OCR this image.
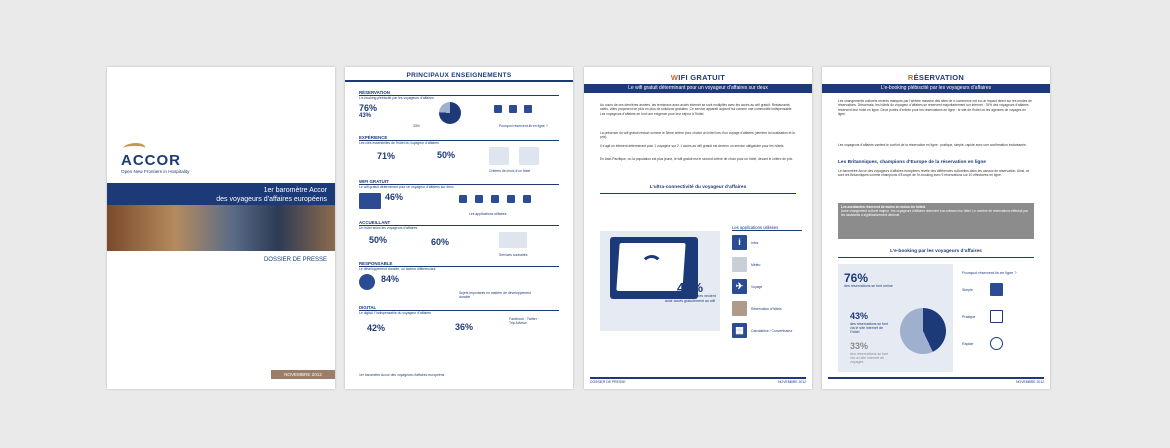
ACCOR
Open New Frontiers in Hospitality
1er baromètre Accor
des voyageurs d’affaires européens
DOSSIER DE PRESSE
NOVEMBRE 2012
PRINCIPAUX ENSEIGNEMENTS
RÉSERVATION
L’e-booking plébiscité par les voyageurs d’affaires
76%
43%
33%	Pourquoi réservent-ils en ligne ?
EXPÉRIENCE
Les clés essentielles de l’hôtel du voyageur d’affaires
71%	50%
Critères de choix d’un hôtel
WIFI GRATUIT
Le wifi gratuit déterminant pour un voyageur d’affaires sur deux
46%
Les applications utilisées
ACCUEILLANT
Un hôtel selon les voyageurs d’affaires
50%	60%
Services souhaités
RESPONSABLE
Le développement durable, un facteur différenciant
84%
Sujets importants en matière de développement durable
DIGITAL
Le digital, l’indispensable du voyageur d’affaires
42%	36%
Facebook · Twitter · Trip Advisor
1er baromètre Accor des voyageurs d’affaires européens
WIFI GRATUIT
Le wifi gratuit déterminant pour un voyageur d’affaires sur deux
Au cours de ces dernières années, les terminaux avec accès internet se sont multipliés avec les accès au wifi gratuit. Restaurants, cafés, villes proposent de plus en plus de solutions gratuites. Ce service apparaît aujourd’hui comme une commodité indispensable. Les voyageurs d’affaires en font une exigence pour leur séjour à l’hôtel.
La présence du wifi gratuit ressort comme le 3ème critère pour choisir un hôtel lors d’un voyage d’affaires (derrière la localisation et le prix).
Il s’agit un élément déterminant pour 1 voyageur sur 2. L’accès au wifi gratuit est devenu un service obligatoire pour les hôtels.
En Asie-Pacifique, où la population est plus jeune, le wifi gratuit est le second critère de choix pour un hôtel, devant le critère de prix.
L’ultra-connectivité du voyageur d’affaires
46%
des voyageurs d’affaires veulent avoir accès gratuitement au wifi
Les applications utilisées
i	Infos
Météo
✈	Voyage
Réservation d’hôtels
▦	Calculatrice / Convertisseur
DOSSIER DE PRESSE	NOVEMBRE 2012
RÉSERVATION
L’e-booking plébiscité par les voyageurs d’affaires
Les changements culturels récents marqués par l’arrivée massive des sites de e-commerce ont eu un impact direct sur les modes de réservations. Désormais, les hôtels du voyageur d’affaires se réservent majoritairement sur internet : 76% des voyageurs d’affaires réservent leur hôtel en ligne. Deux portes d’entrée pour les réservations en ligne : le site de l’hôtel ou les agences de voyages en ligne.
Les voyageurs d’affaires vantent le confort de la réservation en ligne : pratique, simple, rapide avec une confirmation instantanée.
Les Britanniques, champions d’Europe de la réservation en ligne
Le baromètre Accor des voyageurs d’affaires européens révèle des différences culturelles dans les canaux de réservation. Ainsi, ce sont les Britanniques comme champions d’Europe de l’e-booking avec 9 réservations sur 10 effectuées en ligne.
Les assistantes réservent de moins en moins les hôtels
Autre changement culturel majeur : les voyageurs d’affaires réservent eux-mêmes leur hôtel. Le nombre de réservations effectué par les assistants a significativement diminué.
L’e-booking par les voyageurs d’affaires
76%
des réservations se font online
43%
des réservations se font via le site internet de l’hôtel
33%
des réservations se font via un site internet de voyages
Pourquoi réservent-ils en ligne ?
Simple
Pratique
Rapide
NOVEMBRE 2012
